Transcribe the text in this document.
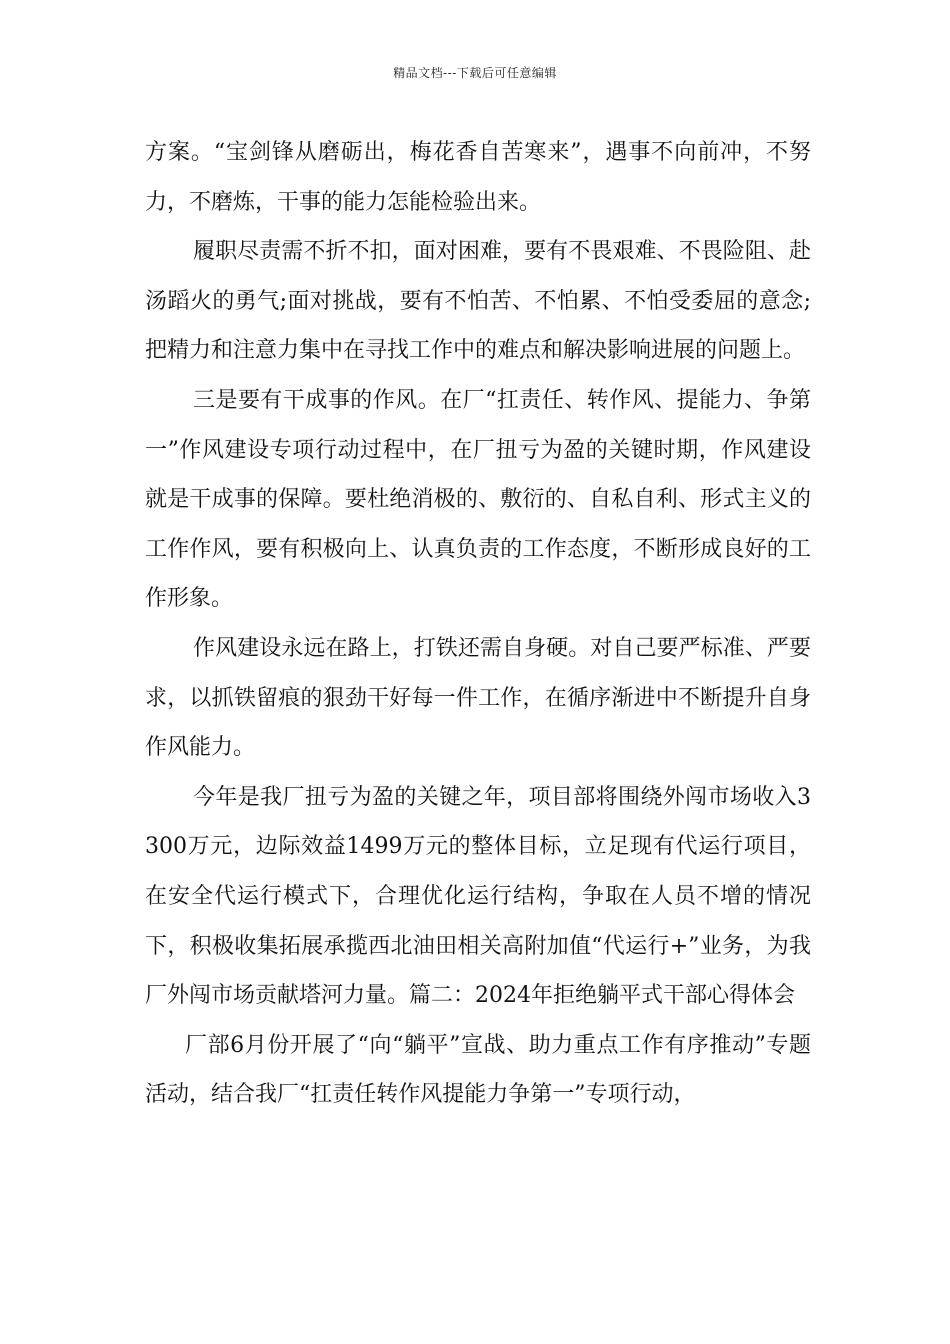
精品文档---下载后可任意编辑

方案。“宝剑锋从磨砺出，梅花香自苦寒来”，遇事不向前冲，不努力，不磨炼，干事的能力怎能检验出来。

履职尽责需不折不扣，面对困难，要有不畏艰难、不畏险阻、赴汤蹈火的勇气;面对挑战，要有不怕苦、不怕累、不怕受委屈的意念;把精力和注意力集中在寻找工作中的难点和解决影响进展的问题上。

三是要有干成事的作风。在厂“扛责任、转作风、提能力、争第一”作风建设专项行动过程中，在厂扭亏为盈的关键时期，作风建设就是干成事的保障。要杜绝消极的、敷衍的、自私自利、形式主义的工作作风，要有积极向上、认真负责的工作态度，不断形成良好的工作形象。

作风建设永远在路上，打铁还需自身硬。对自己要严标准、严要求，以抓铁留痕的狠劲干好每一件工作，在循序渐进中不断提升自身作风能力。

今年是我厂扭亏为盈的关键之年，项目部将围绕外闯市场收入3300万元，边际效益1499万元的整体目标，立足现有代运行项目，在安全代运行模式下，合理优化运行结构，争取在人员不增的情况下，积极收集拓展承揽西北油田相关高附加值“代运行+”业务，为我厂外闯市场贡献塔河力量。篇二：2024年拒绝躺平式干部心得体会

厂部6月份开展了“向“躺平”宣战、助力重点工作有序推动”专题活动，结合我厂“扛责任转作风提能力争第一”专项行动，
